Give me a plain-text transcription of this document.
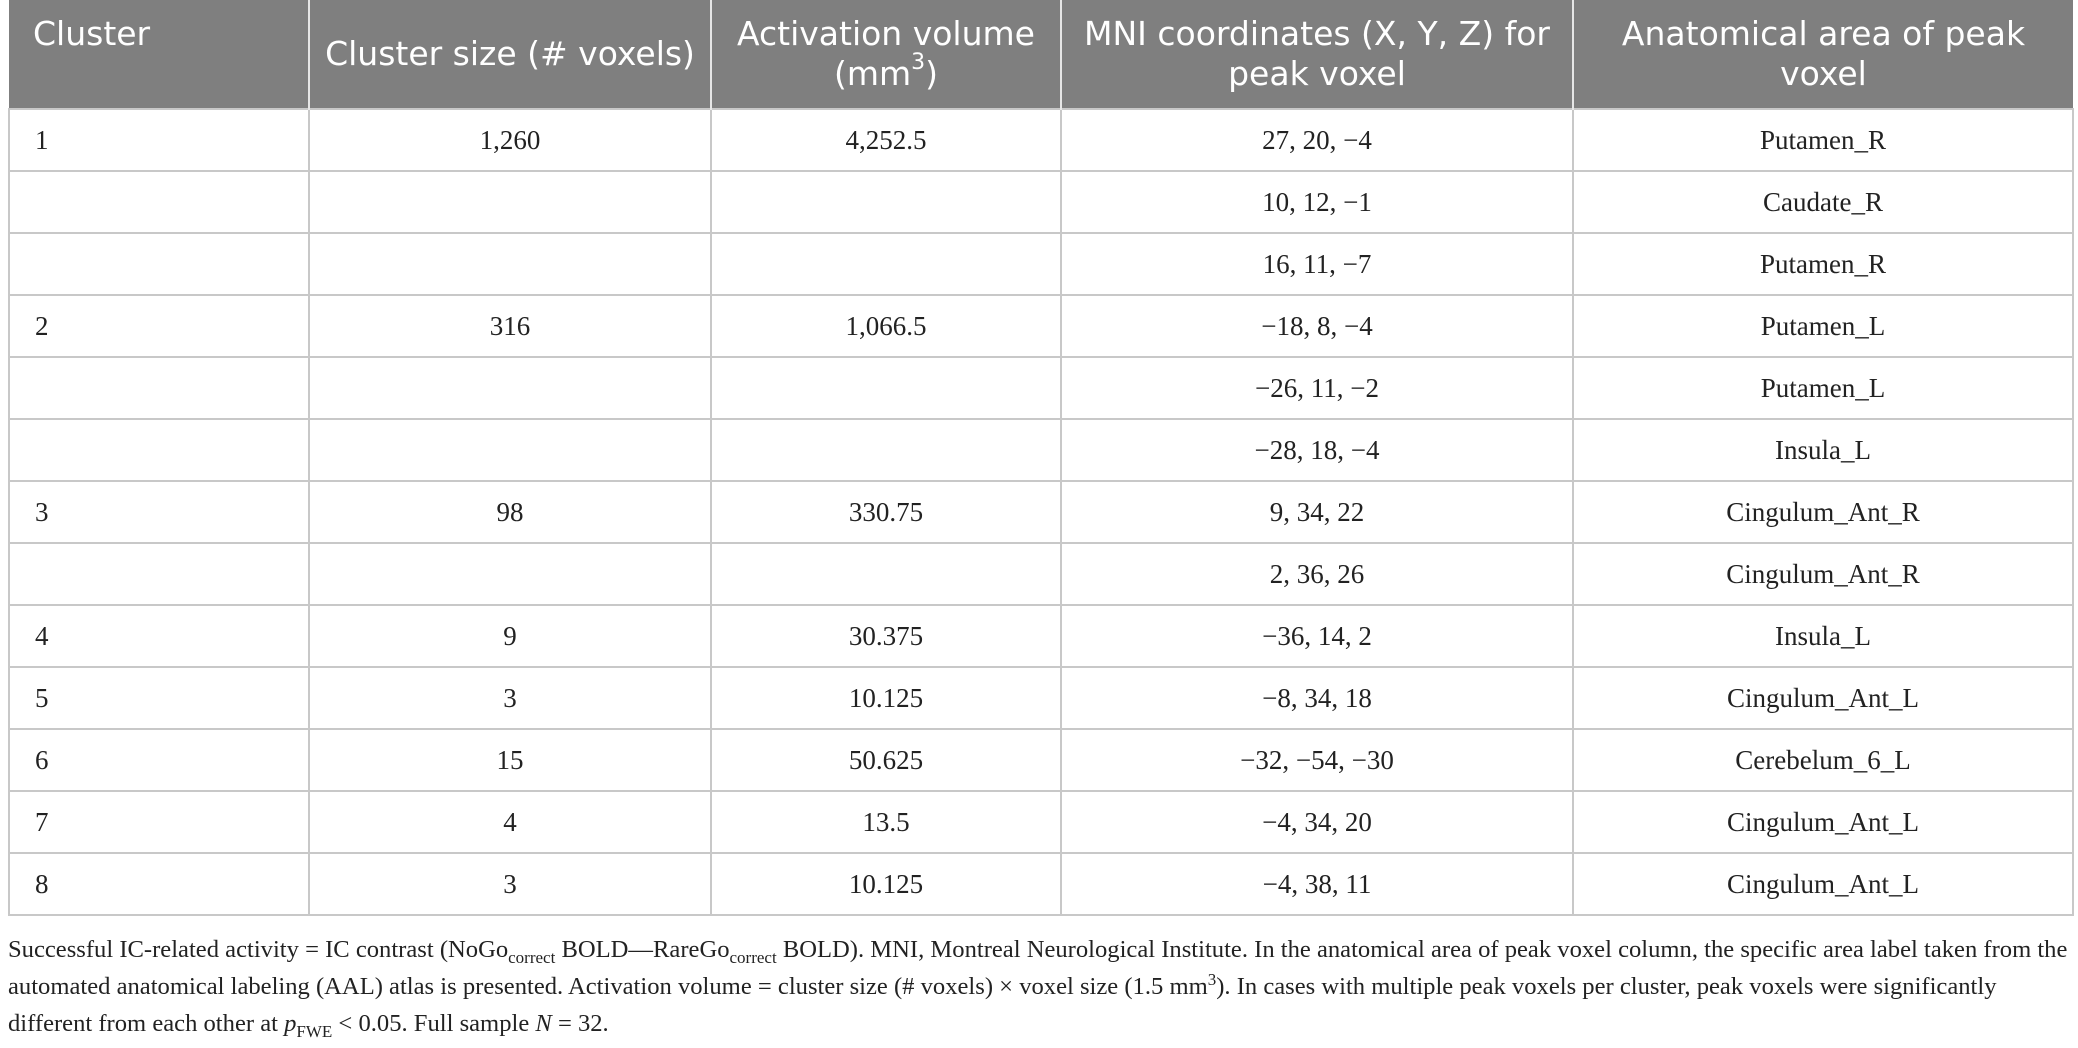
Cluster	Cluster size (# voxels)	Activation volume $(mm^3)$	MNI coordinates (X, Y, Z) for peak voxel	Anatomical area of peak voxel
1	1,260	4,252.5	27, 20, −4	Putamen_R
			10, 12, −1	Caudate_R
			16, 11, −7	Putamen_R
2	316	1,066.5	−18, 8, −4	Putamen_L
			−26, 11, −2	Putamen_L
			−28, 18, −4	Insula_L
3	98	330.75	9, 34, 22	Cingulum_Ant_R
			2, 36, 26	Cingulum_Ant_R
4	9	30.375	−36, 14, 2	Insula_L
5	3	10.125	−8, 34, 18	Cingulum_Ant_L
6	15	50.625	−32, −54, −30	Cerebelum_6_L
7	4	13.5	−4, 34, 20	Cingulum_Ant_L
8	3	10.125	−4, 38, 11	Cingulum_Ant_L
Successful IC-related activity = IC contrast (NoGo$_{correct}$ BOLD—RareGo$_{correct}$ BOLD). MNI, Montreal Neurological Institute. In the anatomical area of peak voxel column, the specific area label taken from the automated anatomical labeling (AAL) atlas is presented. Activation volume = cluster size (# voxels) × voxel size (1.5 $mm^3$). In cases with multiple peak voxels per cluster, peak voxels were significantly different from each other at $p_{FWE} < 0.05$. Full sample N = 32.
